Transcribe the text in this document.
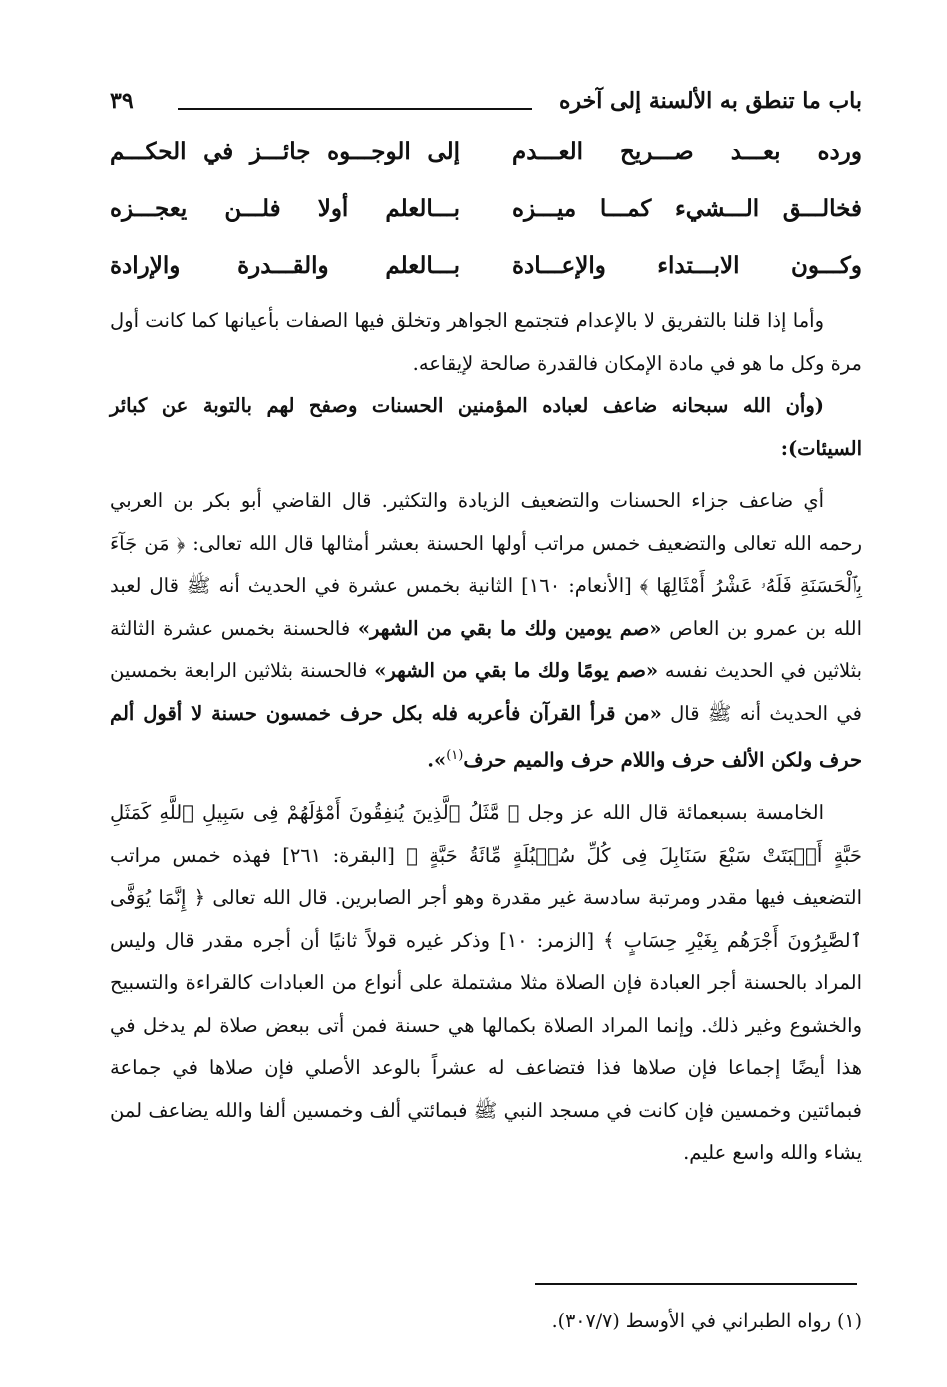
باب ما تنطق به الألسنة إلى آخره
٣٩
ورده بعـــد صـــريح العـــدم
إلى الوجـــوه جائـــز في الحكـــم
فخالـــق الـــشيء كمـــا ميـــزه
بـــالعلم أولا فلـــن يعجـــزه
وكـــون الابـــتداء والإعـــادة
بـــالعلم والقـــدرة والإرادة

وأما إذا قلنا بالتفريق لا بالإعدام فتجتمع الجواهر وتخلق فيها الصفات بأعيانها كما كانت أول مرة وكل ما هو في مادة الإمكان فالقدرة صالحة لإيقاعه.

(وأن الله سبحانه ضاعف لعباده المؤمنين الحسنات وصفح لهم بالتوبة عن كبائر السيئات):

أي ضاعف جزاء الحسنات والتضعيف الزيادة والتكثير. قال القاضي أبو بكر بن العربي رحمه الله تعالى والتضعيف خمس مراتب أولها الحسنة بعشر أمثالها قال الله تعالى: ﴿ مَن جَآءَ بِٱلْحَسَنَةِ فَلَهُۥ عَشْرُ أَمْثَالِهَا ﴾ [الأنعام: ١٦٠] الثانية بخمس عشرة في الحديث أنه ﷺ قال لعبد الله بن عمرو بن العاص «صم يومين ولك ما بقي من الشهر» فالحسنة بخمس عشرة الثالثة بثلاثين في الحديث نفسه «صم يومًا ولك ما بقي من الشهر» فالحسنة بثلاثين الرابعة بخمسين في الحديث أنه ﷺ قال «من قرأ القرآن فأعربه فله بكل حرف خمسون حسنة لا أقول ألم حرف ولكن الألف حرف واللام حرف والميم حرف$^{(١)}$».

الخامسة بسبعمائة قال الله عز وجل ﴿ مَّثَلُ ٱلَّذِينَ يُنفِقُونَ أَمْوَٰلَهُمْ فِى سَبِيلِ ٱللَّهِ كَمَثَلِ حَبَّةٍ أَنۢبَتَتْ سَبْعَ سَنَابِلَ فِى كُلِّ سُنۢبُلَةٍ مِّائَةُ حَبَّةٍ ﴾ [البقرة: ٢٦١] فهذه خمس مراتب التضعيف فيها مقدر ومرتبة سادسة غير مقدرة وهو أجر الصابرين. قال الله تعالى ﴿ إِنَّمَا يُوَفَّى ٱلصَّٰبِرُونَ أَجْرَهُم بِغَيْرِ حِسَابٍ ﴾ [الزمر: ١٠] وذكر غيره قولاً ثانيًا أن أجره مقدر قال وليس المراد بالحسنة أجر العبادة فإن الصلاة مثلا مشتملة على أنواع من العبادات كالقراءة والتسبيح والخشوع وغير ذلك. وإنما المراد الصلاة بكمالها هي حسنة فمن أتى ببعض صلاة لم يدخل في هذا أيضًا إجماعا فإن صلاها فذا فتضاعف له عشراً بالوعد الأصلي فإن صلاها في جماعة فبمائتين وخمسين فإن كانت في مسجد النبي ﷺ فبمائتي ألف وخمسين ألفا والله يضاعف لمن يشاء والله واسع عليم.

(١) رواه الطبراني في الأوسط (٣٠٧/٧).
